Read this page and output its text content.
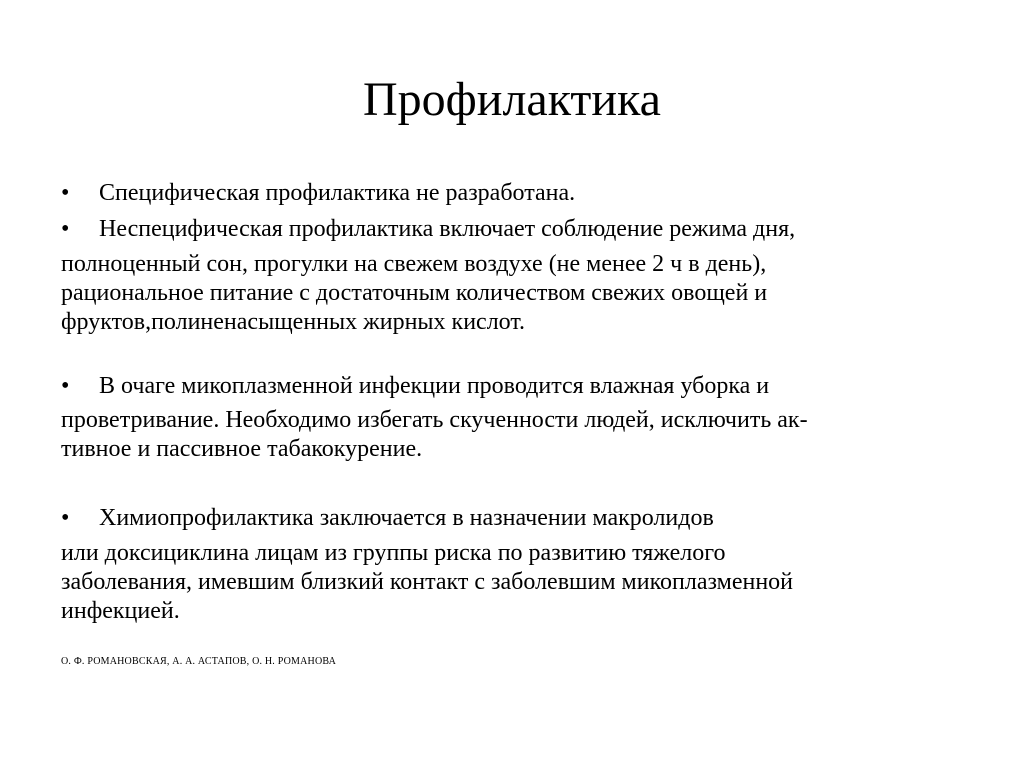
Профилактика
• Специфическая профилактика не разработана.
• Неспецифическая профилактика включает соблюдение режима дня,
полноценный сон, прогулки на свежем воздухе (не менее 2 ч в день),
рациональное питание с достаточным количеством свежих овощей и
фруктов,полиненасыщенных жирных кислот.
• В очаге микоплазменной инфекции проводится влажная уборка и
проветривание. Необходимо избегать скученности людей, исключить ак-
тивное и пассивное табакокурение.
• Химиопрофилактика заключается в назначении макролидов
или доксициклина лицам из группы риска по развитию тяжелого
заболевания, имевшим близкий контакт с заболевшим микоплазменной
инфекцией.
О. Ф. РОМАНОВСКАЯ, А. А. АСТАПОВ, О. Н. РОМАНОВА
